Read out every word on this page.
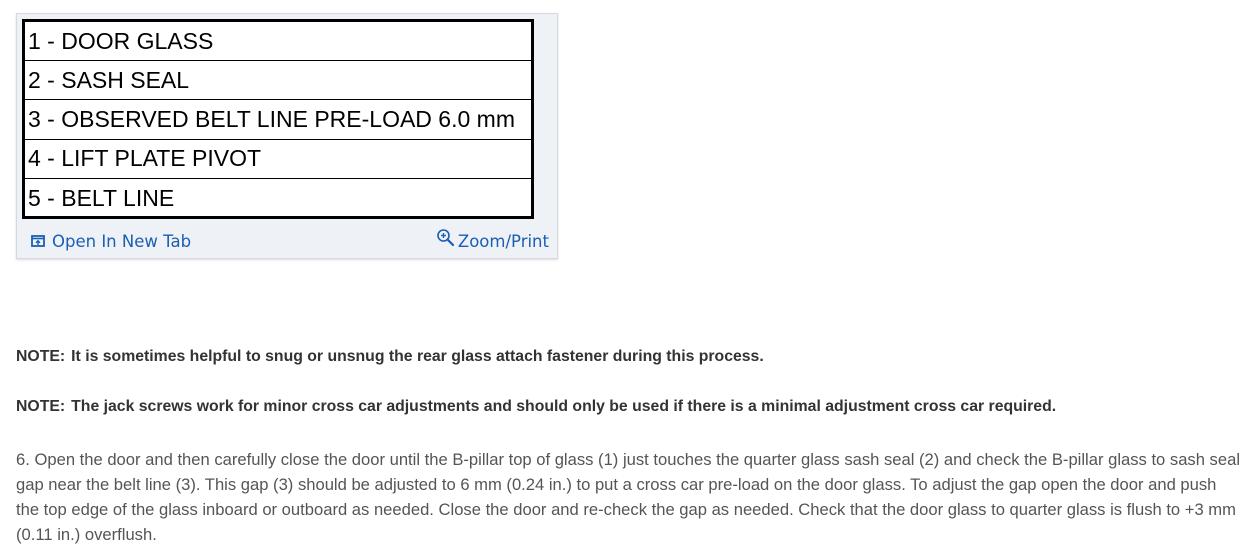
1 - DOOR GLASS
2 - SASH SEAL
3 - OBSERVED BELT LINE PRE-LOAD 6.0 mm
4 - LIFT PLATE PIVOT
5 - BELT LINE
Open In New Tab	Zoom/Print
NOTE: It is sometimes helpful to snug or unsnug the rear glass attach fastener during this process.
NOTE: The jack screws work for minor cross car adjustments and should only be used if there is a minimal adjustment cross car required.

6. Open the door and then carefully close the door until the B-pillar top of glass (1) just touches the quarter glass sash seal (2) and check the B-pillar glass to sash seal gap near the belt line (3). This gap (3) should be adjusted to 6 mm (0.24 in.) to put a cross car pre-load on the door glass. To adjust the gap open the door and push the top edge of the glass inboard or outboard as needed. Close the door and re-check the gap as needed. Check that the door glass to quarter glass is flush to +3 mm (0.11 in.) overflush.
